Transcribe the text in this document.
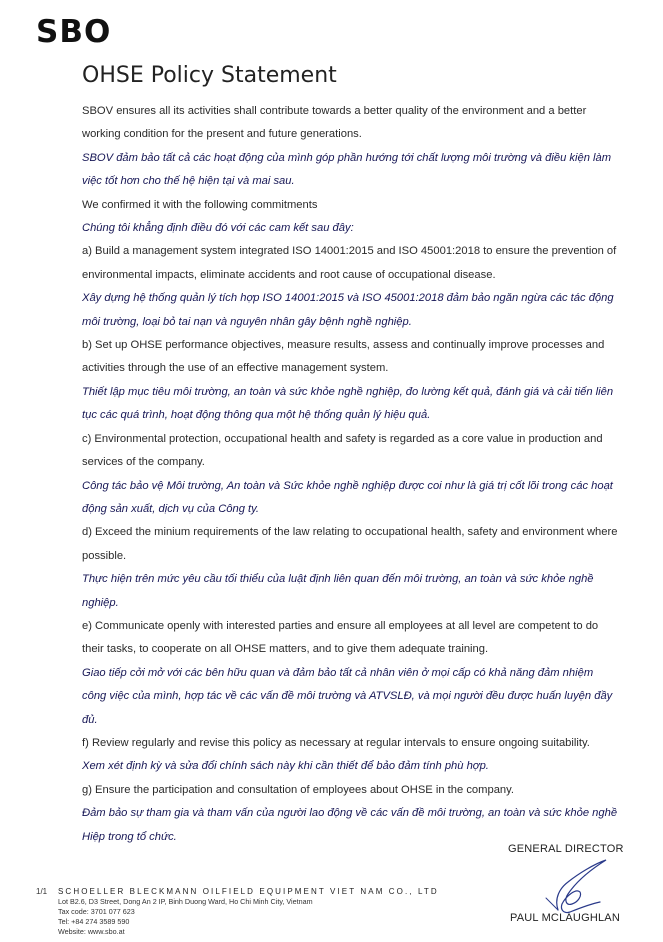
SBO
OHSE Policy Statement

SBOV ensures all its activities shall contribute towards a better quality of the environment and a better working condition for the present and future generations.

SBOV đảm bảo tất cả các hoạt động của mình góp phần hướng tới chất lượng môi trường và điều kiện làm việc tốt hơn cho thế hệ hiện tại và mai sau.

We confirmed it with the following commitments

Chúng tôi khẳng định điều đó với các cam kết sau đây:

a) Build a management system integrated ISO 14001:2015 and ISO 45001:2018 to ensure the prevention of environmental impacts, eliminate accidents and root cause of occupational disease.

Xây dựng hệ thống quản lý tích hợp ISO 14001:2015 và ISO 45001:2018 đảm bảo ngăn ngừa các tác động môi trường, loại bỏ tai nạn và nguyên nhân gây bệnh nghề nghiệp.

b) Set up OHSE performance objectives, measure results, assess and continually improve processes and activities through the use of an effective management system.

Thiết lập mục tiêu môi trường, an toàn và sức khỏe nghề nghiệp, đo lường kết quả, đánh giá và cải tiến liên tục các quá trình, hoạt động thông qua một hệ thống quản lý hiệu quả.

c) Environmental protection, occupational health and safety is regarded as a core value in production and services of the company.

Công tác bảo vệ Môi trường, An toàn và Sức khỏe nghề nghiệp được coi như là giá trị cốt lõi trong các hoạt động sản xuất, dịch vụ của Công ty.

d) Exceed the minium requirements of the law relating to occupational health, safety and environment where possible.

Thực hiện trên mức yêu cầu tối thiểu của luật định liên quan đến môi trường, an toàn và sức khỏe nghề nghiệp.

e) Communicate openly with interested parties and ensure all employees at all level are competent to do their tasks, to cooperate on all OHSE matters, and to give them adequate training.

Giao tiếp cởi mở với các bên hữu quan và đảm bảo tất cả nhân viên ở mọi cấp có khả năng đảm nhiệm công việc của mình, hợp tác về các vấn đề môi trường và ATVSLĐ, và mọi người đều được huấn luyện đầy đủ.

f) Review regularly and revise this policy as necessary at regular intervals to ensure ongoing suitability.

Xem xét định kỳ và sửa đổi chính sách này khi cần thiết để bảo đảm tính phù hợp.

g) Ensure the participation and consultation of employees about OHSE in the company.

Đảm bảo sự tham gia và tham vấn của người lao động về các vấn đề môi trường, an toàn và sức khỏe nghề Hiệp trong tổ chức.

GENERAL DIRECTOR
PAUL MCLAUGHLAN
1/1 SCHOELLER BLECKMANN OILFIELD EQUIPMENT VIET NAM CO., LTD
Lot B2.6, D3 Street, Dong An 2 IP, Binh Duong Ward, Ho Chi Minh City, Vietnam
Tax code: 3701 077 623
Tel: +84 274 3589 590
Website: www.sbo.at
